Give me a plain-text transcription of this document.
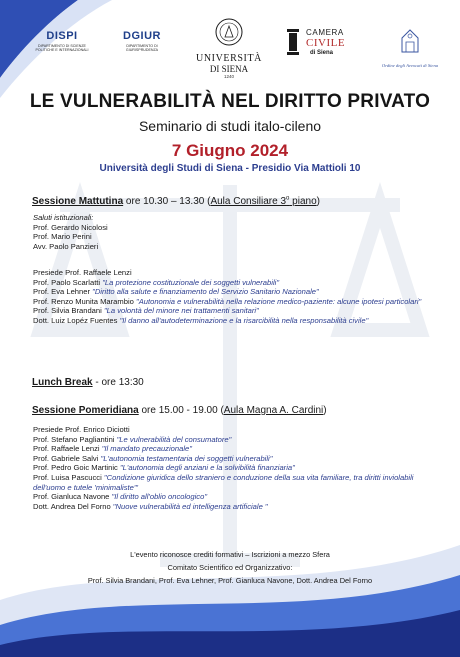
DISPI
DIPARTIMENTO DI SCIENZE POLITICHE E INTERNAZIONALI
DGIUR
DIPARTIMENTO DI GIURISPRUDENZA
UNIVERSITÀ
DI SIENA
1240
CAMERA
CIVILE
di Siena
Ordine degli Avvocati di Siena
LE VULNERABILITÀ NEL DIRITTO PRIVATO
Seminario di studi italo-cileno
7 Giugno 2024
Università degli Studi di Siena - Presidio Via Mattioli 10
Sessione Mattutina ore 10.30 – 13.30 (Aula Consiliare 3$^o$ piano)
Saluti istituzionali:
Prof. Gerardo Nicolosi
Prof. Mario Perini
Avv. Paolo Panzieri
Presiede Prof. Raffaele Lenzi
Prof. Paolo Scarlatti "La protezione costituzionale dei soggetti vulnerabili"
Prof. Eva Lehner "Diritto alla salute e finanziamento del Servizio Sanitario Nazionale"
Prof. Renzo Munita Marambio "Autonomia e vulnerabilità nella relazione medico-paziente: alcune ipotesi particolari"
Prof. Silvia Brandani "La volontà del minore nei trattamenti sanitari"
Dott. Luiz Lopéz Fuentes "Il danno all'autodeterminazione e la risarcibilità nella responsabilità civile"
Lunch Break - ore 13:30
Sessione Pomeridiana ore 15.00 - 19.00 (Aula Magna A. Cardini)
Presiede Prof. Enrico Diciotti
Prof. Stefano Pagliantini "Le vulnerabilità del consumatore"
Prof. Raffaele Lenzi "Il mandato precauzionale"
Prof. Gabriele Salvi "L'autonomia testamentaria dei soggetti vulnerabili"
Prof. Pedro Goic Martinic "L'autonomia degli anziani e la solvibilità finanziaria"
Prof. Luisa Pascucci "Condizione giuridica dello straniero e conduzione della sua vita familiare, tra diritti inviolabili dell'uomo e tutele 'minimaliste'"
Prof. Gianluca Navone "Il diritto all'oblio oncologico"
Dott. Andrea Del Forno "Nuove vulnerabilità ed intelligenza artificiale "
L'evento riconosce crediti formativi – Iscrizioni a mezzo Sfera
Comitato Scientifico ed Organizzativo:
Prof. Silvia Brandani, Prof. Eva Lehner, Prof. Gianluca Navone, Dott. Andrea Del Forno
